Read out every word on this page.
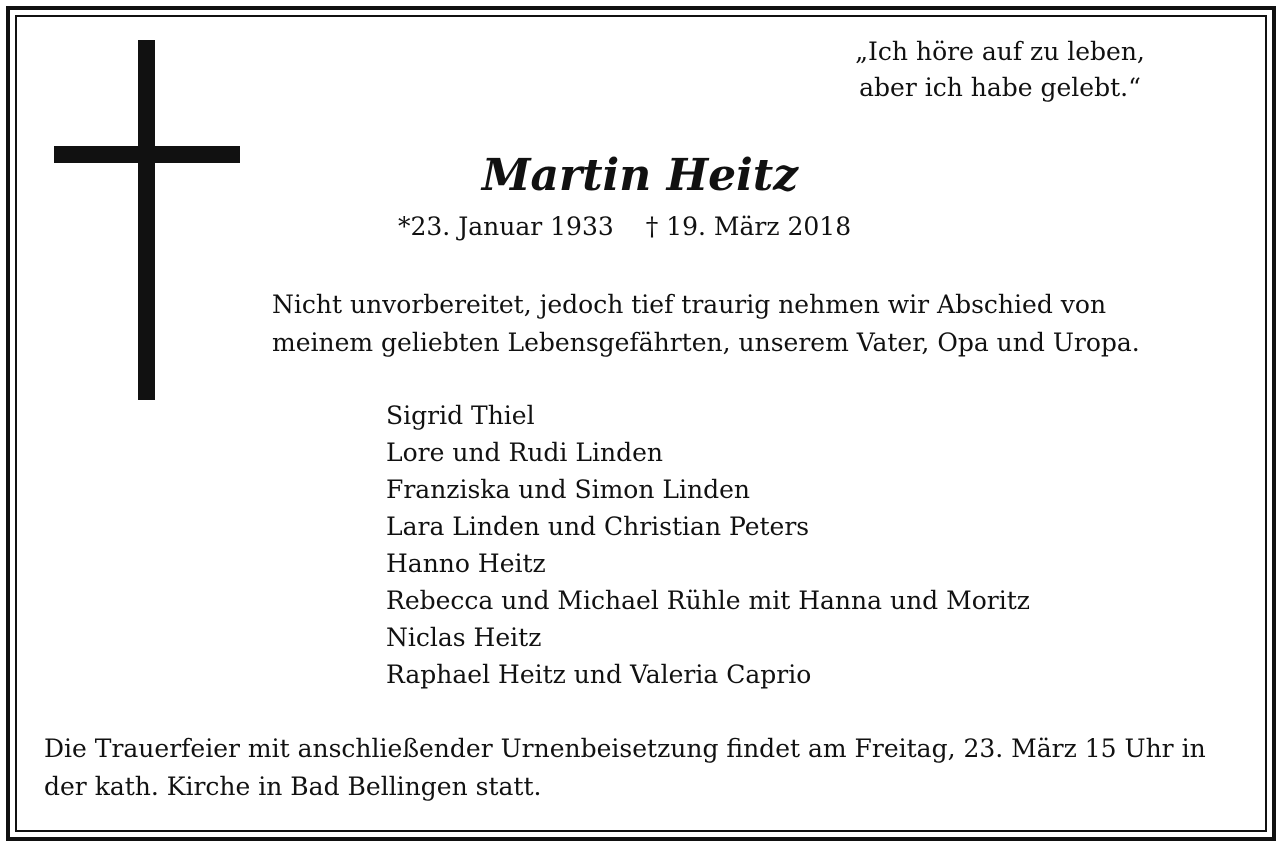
„Ich höre auf zu leben,
aber ich habe gelebt.“
Martin Heitz
*23. Januar 1933 † 19. März 2018
Nicht unvorbereitet, jedoch tief traurig nehmen wir Abschied von
meinem geliebten Lebensgefährten, unserem Vater, Opa und Uropa.
Sigrid Thiel
Lore und Rudi Linden
Franziska und Simon Linden
Lara Linden und Christian Peters
Hanno Heitz
Rebecca und Michael Rühle mit Hanna und Moritz
Niclas Heitz
Raphael Heitz und Valeria Caprio
Die Trauerfeier mit anschließender Urnenbeisetzung findet am Freitag, 23. März 15 Uhr in
der kath. Kirche in Bad Bellingen statt.
